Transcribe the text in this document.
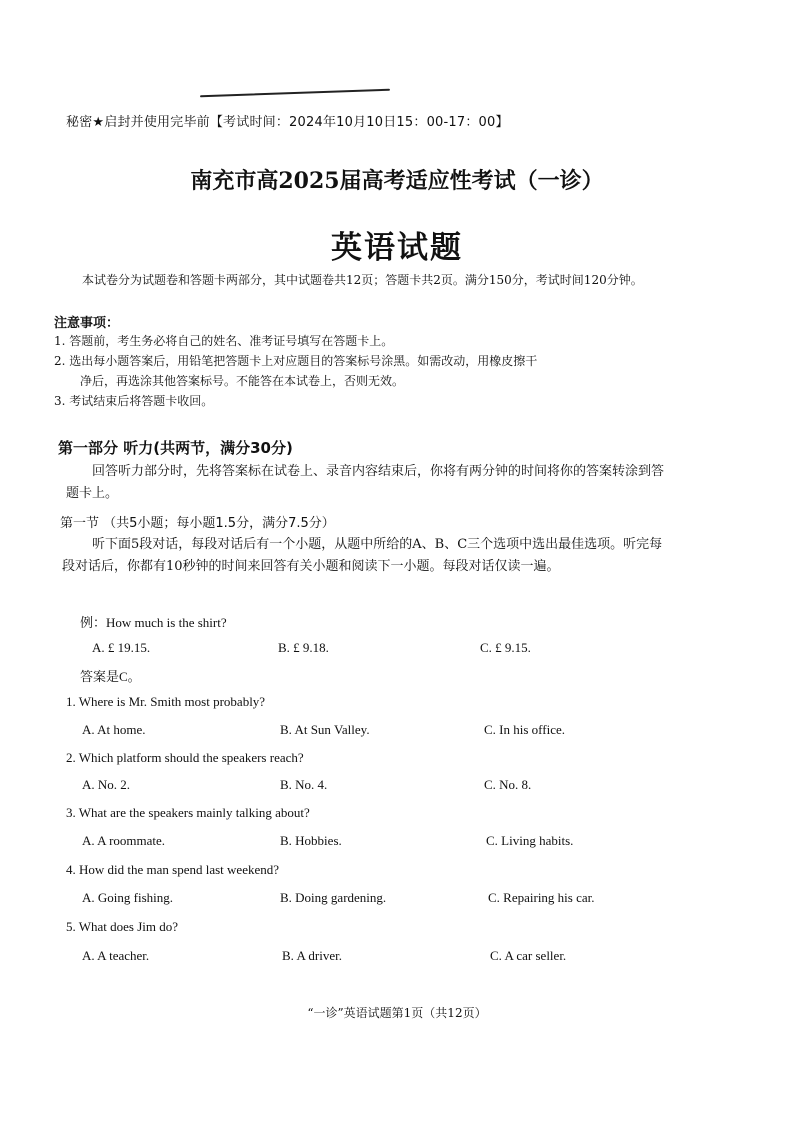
秘密★启封并使用完毕前【考试时间：2024年10月10日15：00-17：00】
南充市高2025届高考适应性考试（一诊）
英语试题
本试卷分为试题卷和答题卡两部分，其中试题卷共12页；答题卡共2页。满分150分，考试时间120分钟。
注意事项：
1. 答题前，考生务必将自己的姓名、准考证号填写在答题卡上。
2. 选出每小题答案后，用铅笔把答题卡上对应题目的答案标号涂黑。如需改动，用橡皮擦干
净后，再选涂其他答案标号。不能答在本试卷上，否则无效。
3. 考试结束后将答题卡收回。
第一部分 听力(共两节，满分30分)
回答听力部分时，先将答案标在试卷上、录音内容结束后，你将有两分钟的时间将你的答案转涂到答题卡上。
第一节 （共5小题；每小题1.5分，满分7.5分）
听下面5段对话，每段对话后有一个小题，从题中所给的A、B、C三个选项中选出最佳选项。听完每段对话后，你都有10秒钟的时间来回答有关小题和阅读下一小题。每段对话仅读一遍。
例：How much is the shirt?
A. £ 19.15.	B. £ 9.18.	C. £ 9.15.
答案是C。
1. Where is Mr. Smith most probably?
A. At home.	B. At Sun Valley.	C. In his office.
2. Which platform should the speakers reach?
A. No. 2.	B. No. 4.	C. No. 8.
3. What are the speakers mainly talking about?
A. A roommate.	B. Hobbies.	C. Living habits.
4. How did the man spend last weekend?
A. Going fishing.	B. Doing gardening.	C. Repairing his car.
5. What does Jim do?
A. A teacher.	B. A driver.	C. A car seller.
“一诊”英语试题第1页（共12页）
